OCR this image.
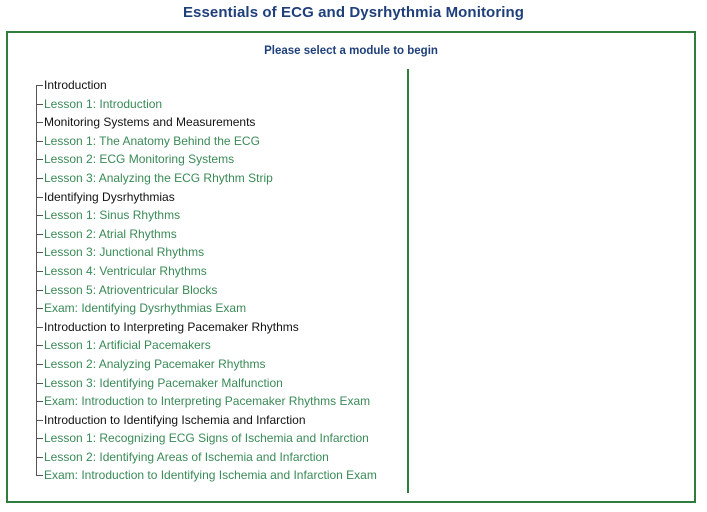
Essentials of ECG and Dysrhythmia Monitoring
Please select a module to begin
Introduction
Lesson 1: Introduction
Monitoring Systems and Measurements
Lesson 1: The Anatomy Behind the ECG
Lesson 2: ECG Monitoring Systems
Lesson 3: Analyzing the ECG Rhythm Strip
Identifying Dysrhythmias
Lesson 1: Sinus Rhythms
Lesson 2: Atrial Rhythms
Lesson 3: Junctional Rhythms
Lesson 4: Ventricular Rhythms
Lesson 5: Atrioventricular Blocks
Exam: Identifying Dysrhythmias Exam
Introduction to Interpreting Pacemaker Rhythms
Lesson 1: Artificial Pacemakers
Lesson 2: Analyzing Pacemaker Rhythms
Lesson 3: Identifying Pacemaker Malfunction
Exam: Introduction to Interpreting Pacemaker Rhythms Exam
Introduction to Identifying Ischemia and Infarction
Lesson 1: Recognizing ECG Signs of Ischemia and Infarction
Lesson 2: Identifying Areas of Ischemia and Infarction
Exam: Introduction to Identifying Ischemia and Infarction Exam
